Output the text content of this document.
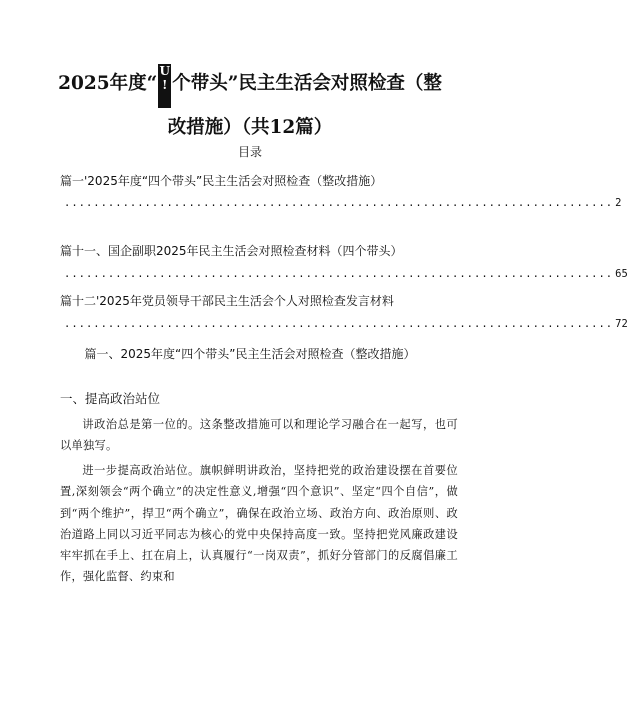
2025年度“
U
! 个带头”民主生活会对照检查（整
改措施）（共12篇）
目录
篇一'2025年度“四个带头”民主生活会对照检查（整改措施）
........................................................................... 2
篇十一、国企副职2025年民主生活会对照检查材料（四个带头）
........................................................................... 65
篇十二'2025年党员领导干部民主生活会个人对照检查发言材料
........................................................................... 72
篇一、2025年度“四个带头”民主生活会对照检查（整改措施）
一、提高政治站位
讲政治总是第一位的。这条整改措施可以和理论学习融合在一起写，也可以单独写。
进一步提高政治站位。旗帜鲜明讲政治，坚持把党的政治建设摆在首要位置,深刻领会“两个确立”的决定性意义,增强“四个意识”、坚定“四个自信”，做到“两个维护”，捍卫“两个确立”，确保在政治立场、政治方向、政治原则、政治道路上同以习近平同志为核心的党中央保持高度一致。坚持把党风廉政建设牢牢抓在手上、扛在肩上，认真履行“一岗双责”，抓好分管部门的反腐倡廉工作，强化监督、约束和
